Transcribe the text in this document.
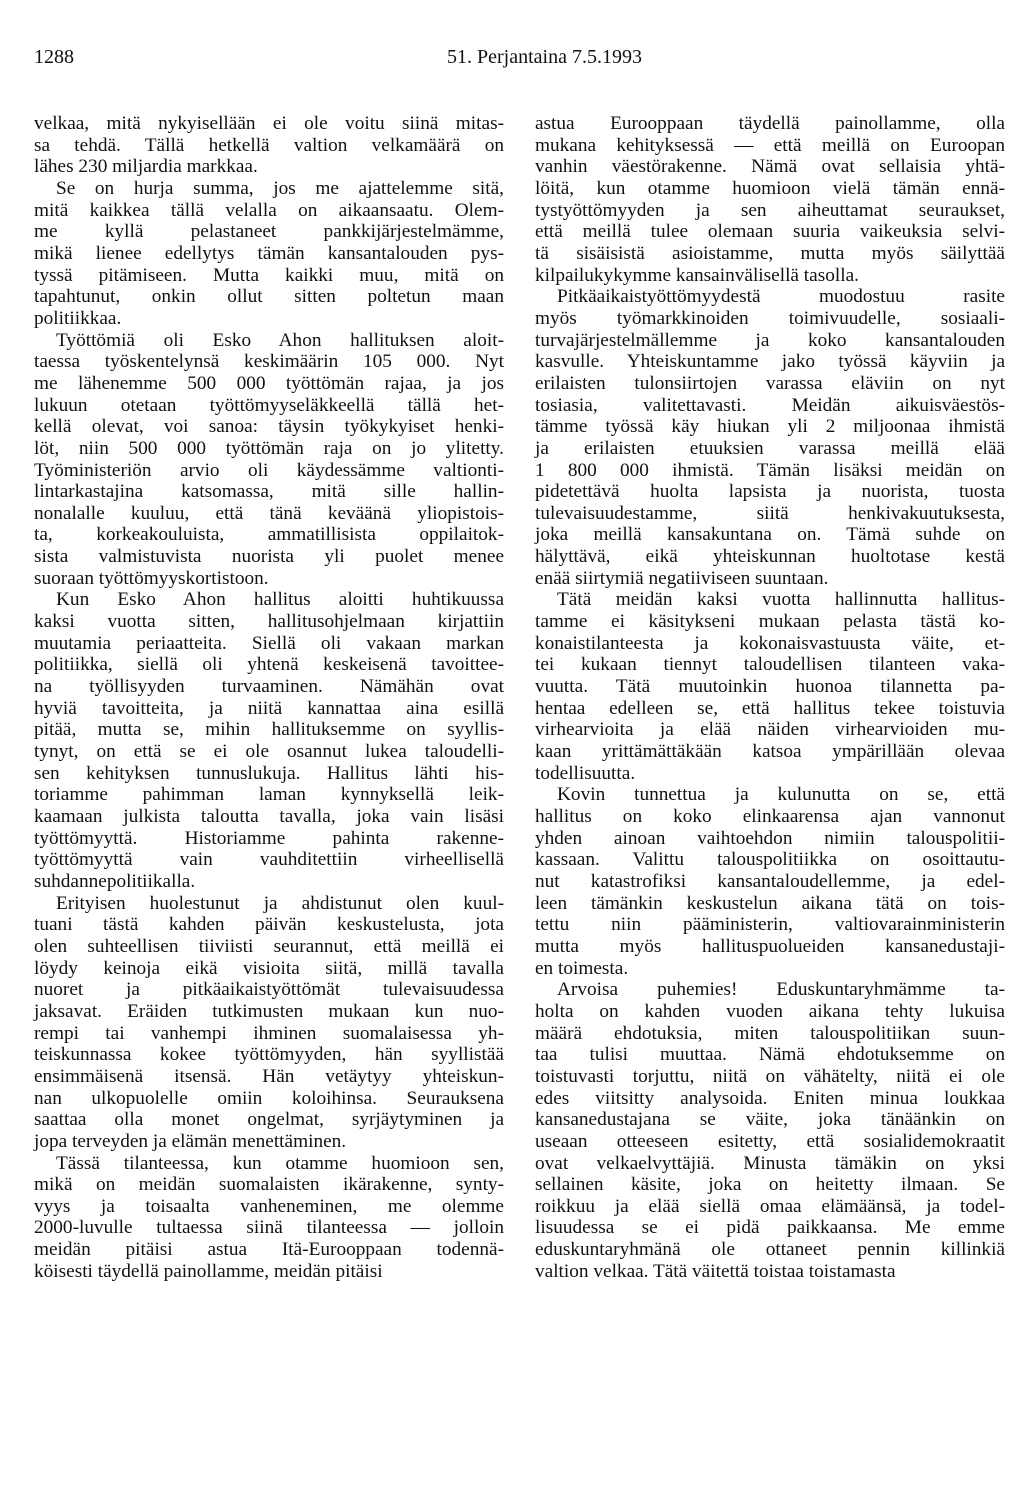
1288	51. Perjantaina 7.5.1993

velkaa, mitä nykyisellään ei ole voitu siinä mitas-
sa tehdä. Tällä hetkellä valtion velkamäärä on
lähes 230 miljardia markkaa.

Se on hurja summa, jos me ajattelemme sitä,
mitä kaikkea tällä velalla on aikaansaatu. Olem-
me kyllä pelastaneet pankkijärjestelmämme,
mikä lienee edellytys tämän kansantalouden pys-
tyssä pitämiseen. Mutta kaikki muu, mitä on
tapahtunut, onkin ollut sitten poltetun maan
politiikkaa.

Työttömiä oli Esko Ahon hallituksen aloit-
taessa työskentelynsä keskimäärin 105 000. Nyt
me lähenemme 500 000 työttömän rajaa, ja jos
lukuun otetaan työttömyyseläkkeellä tällä het-
kellä olevat, voi sanoa: täysin työkykyiset henki-
löt, niin 500 000 työttömän raja on jo ylitetty.
Työministeriön arvio oli käydessämme valtionti-
lintarkastajina katsomassa, mitä sille hallin-
nonalalle kuuluu, että tänä keväänä yliopistois-
ta, korkeakouluista, ammatillisista oppilaitok-
sista valmistuvista nuorista yli puolet menee
suoraan työttömyyskortistoon.

Kun Esko Ahon hallitus aloitti huhtikuussa
kaksi vuotta sitten, hallitusohjelmaan kirjattiin
muutamia periaatteita. Siellä oli vakaan markan
politiikka, siellä oli yhtenä keskeisenä tavoittee-
na työllisyyden turvaaminen. Nämähän ovat
hyviä tavoitteita, ja niitä kannattaa aina esillä
pitää, mutta se, mihin hallituksemme on syyllis-
tynyt, on että se ei ole osannut lukea taloudelli-
sen kehityksen tunnuslukuja. Hallitus lähti his-
toriamme pahimman laman kynnyksellä leik-
kaamaan julkista taloutta tavalla, joka vain lisäsi
työttömyyttä. Historiamme pahinta rakenne-
työttömyyttä vain vauhditettiin virheellisellä
suhdannepolitiikalla.

Erityisen huolestunut ja ahdistunut olen kuul-
tuani tästä kahden päivän keskustelusta, jota
olen suhteellisen tiiviisti seurannut, että meillä ei
löydy keinoja eikä visioita siitä, millä tavalla
nuoret ja pitkäaikaistyöttömät tulevaisuudessa
jaksavat. Eräiden tutkimusten mukaan kun nuo-
rempi tai vanhempi ihminen suomalaisessa yh-
teiskunnassa kokee työttömyyden, hän syyllistää
ensimmäisenä itsensä. Hän vetäytyy yhteiskun-
nan ulkopuolelle omiin koloihinsa. Seurauksena
saattaa olla monet ongelmat, syrjäytyminen ja
jopa terveyden ja elämän menettäminen.

Tässä tilanteessa, kun otamme huomioon sen,
mikä on meidän suomalaisten ikärakenne, synty-
vyys ja toisaalta vanheneminen, me olemme
2000-luvulle tultaessa siinä tilanteessa — jolloin
meidän pitäisi astua Itä-Eurooppaan todennä-
köisesti täydellä painollamme, meidän pitäisi

astua Eurooppaan täydellä painollamme, olla
mukana kehityksessä — että meillä on Euroopan
vanhin väestörakenne. Nämä ovat sellaisia yhtä-
löitä, kun otamme huomioon vielä tämän ennä-
tystyöttömyyden ja sen aiheuttamat seuraukset,
että meillä tulee olemaan suuria vaikeuksia selvi-
tä sisäisistä asioistamme, mutta myös säilyttää
kilpailukykymme kansainvälisellä tasolla.

Pitkäaikaistyöttömyydestä muodostuu rasite
myös työmarkkinoiden toimivuudelle, sosiaali-
turvajärjestelmällemme ja koko kansantalouden
kasvulle. Yhteiskuntamme jako työssä käyviin ja
erilaisten tulonsiirtojen varassa eläviin on nyt
tosiasia, valitettavasti. Meidän aikuisväestös-
tämme työssä käy hiukan yli 2 miljoonaa ihmistä
ja erilaisten etuuksien varassa meillä elää
1 800 000 ihmistä. Tämän lisäksi meidän on
pidetettävä huolta lapsista ja nuorista, tuosta
tulevaisuudestamme, siitä henkivakuutuksesta,
joka meillä kansakuntana on. Tämä suhde on
hälyttävä, eikä yhteiskunnan huoltotase kestä
enää siirtymiä negatiiviseen suuntaan.

Tätä meidän kaksi vuotta hallinnutta hallitus-
tamme ei käsitykseni mukaan pelasta tästä ko-
konaistilanteesta ja kokonaisvastuusta väite, et-
tei kukaan tiennyt taloudellisen tilanteen vaka-
vuutta. Tätä muutoinkin huonoa tilannetta pa-
hentaa edelleen se, että hallitus tekee toistuvia
virhearvioita ja elää näiden virhearvioiden mu-
kaan yrittämättäkään katsoa ympärillään olevaa
todellisuutta.

Kovin tunnettua ja kulunutta on se, että
hallitus on koko elinkaarensa ajan vannonut
yhden ainoan vaihtoehdon nimiin talouspolitii-
kassaan. Valittu talouspolitiikka on osoittautu-
nut katastrofiksi kansantaloudellemme, ja edel-
leen tämänkin keskustelun aikana tätä on tois-
tettu niin pääministerin, valtiovarainministerin
mutta myös hallituspuolueiden kansanedustaji-
en toimesta.

Arvoisa puhemies! Eduskuntaryhmämme ta-
holta on kahden vuoden aikana tehty lukuisa
määrä ehdotuksia, miten talouspolitiikan suun-
taa tulisi muuttaa. Nämä ehdotuksemme on
toistuvasti torjuttu, niitä on vähätelty, niitä ei ole
edes viitsitty analysoida. Eniten minua loukkaa
kansanedustajana se väite, joka tänäänkin on
useaan otteeseen esitetty, että sosialidemokraatit
ovat velkaelvyttäjiä. Minusta tämäkin on yksi
sellainen käsite, joka on heitetty ilmaan. Se
roikkuu ja elää siellä omaa elämäänsä, ja todel-
lisuudessa se ei pidä paikkaansa. Me emme
eduskuntaryhmänä ole ottaneet pennin killinkiä
valtion velkaa. Tätä väitettä toistaa toistamasta
